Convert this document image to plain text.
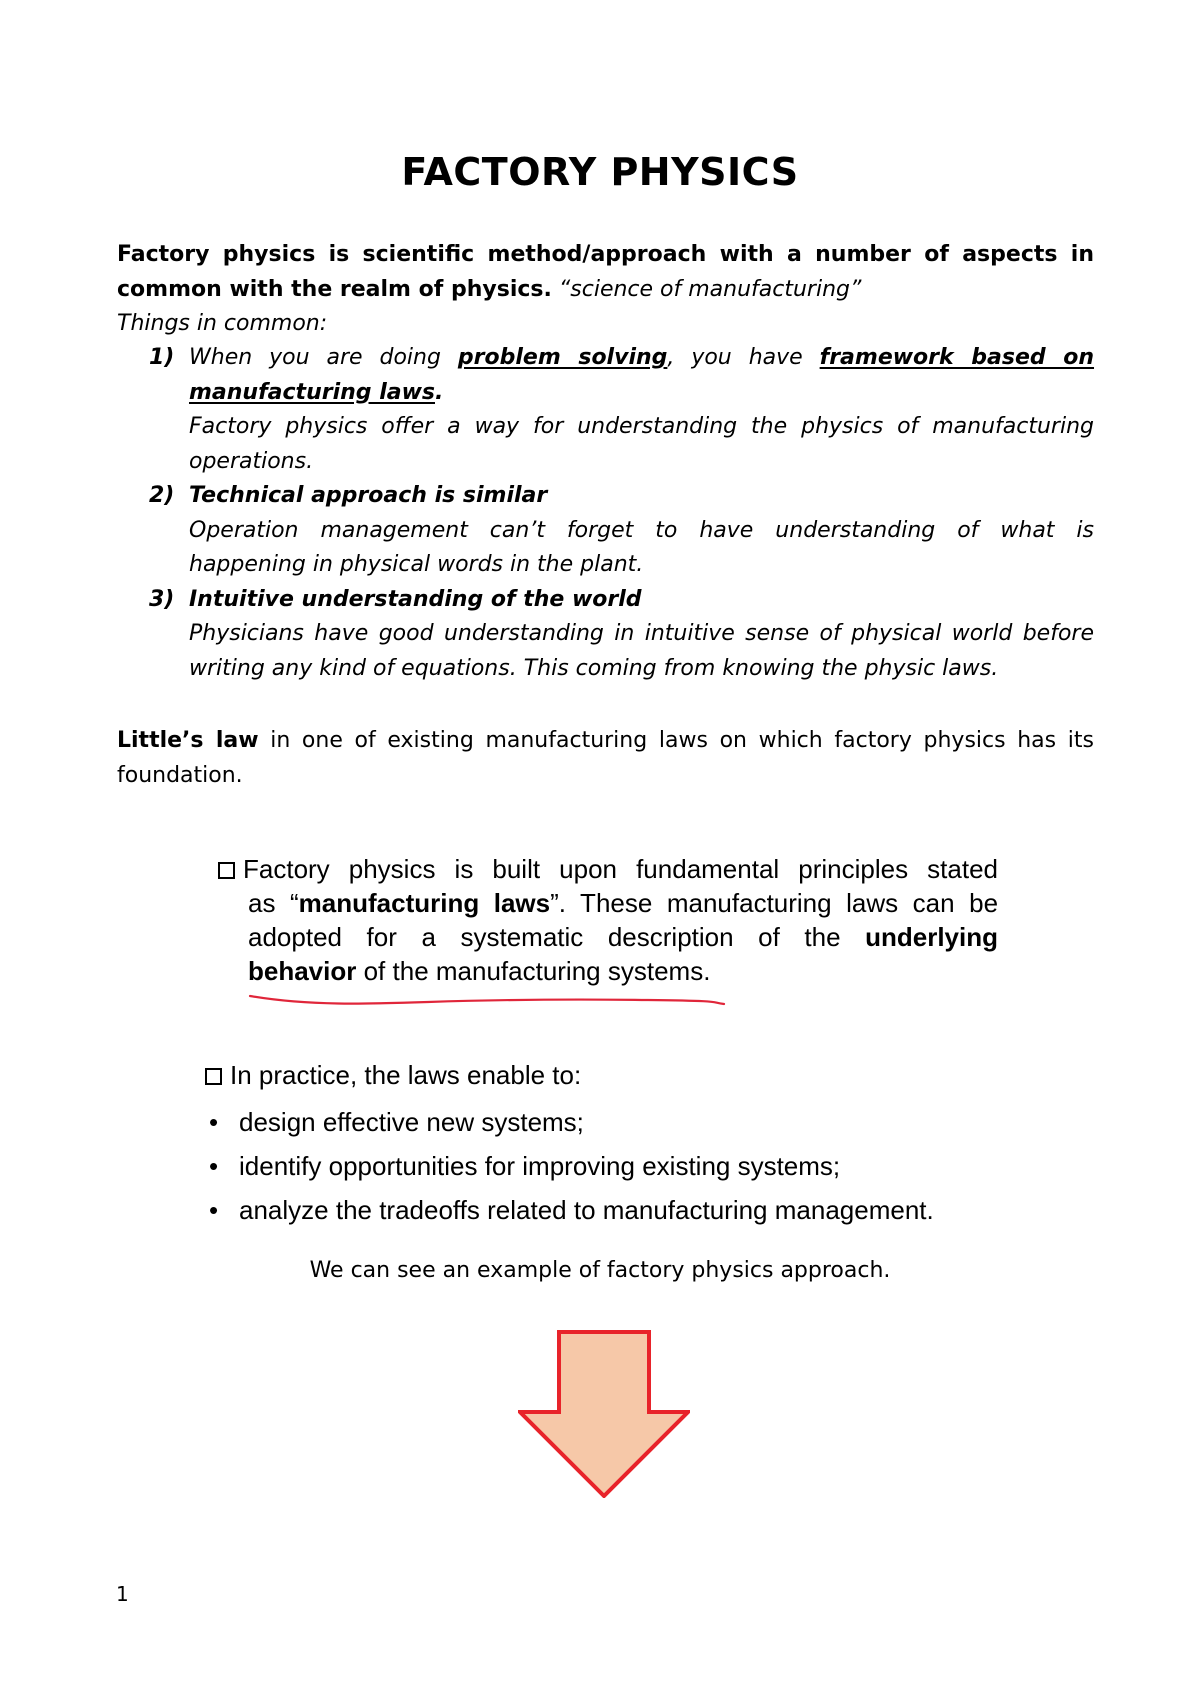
FACTORY PHYSICS
Factory physics is scientific method/approach with a number of aspects in
common with the realm of physics. “science of manufacturing”
Things in common:
1) When you are doing problem solving, you have framework based on
manufacturing laws.
Factory physics offer a way for understanding the physics of manufacturing
operations.
2) Technical approach is similar
Operation management can’t forget to have understanding of what is
happening in physical words in the plant.
3) Intuitive understanding of the world
Physicians have good understanding in intuitive sense of physical world before
writing any kind of equations. This coming from knowing the physic laws.
Little’s law in one of existing manufacturing laws on which factory physics has its
foundation.
Factory physics is built upon fundamental principles stated
as “manufacturing laws”. These manufacturing laws can be
adopted for a systematic description of the underlying
behavior of the manufacturing systems.
In practice, the laws enable to:
• design effective new systems;
• identify opportunities for improving existing systems;
• analyze the tradeoffs related to manufacturing management.
We can see an example of factory physics approach.
1
